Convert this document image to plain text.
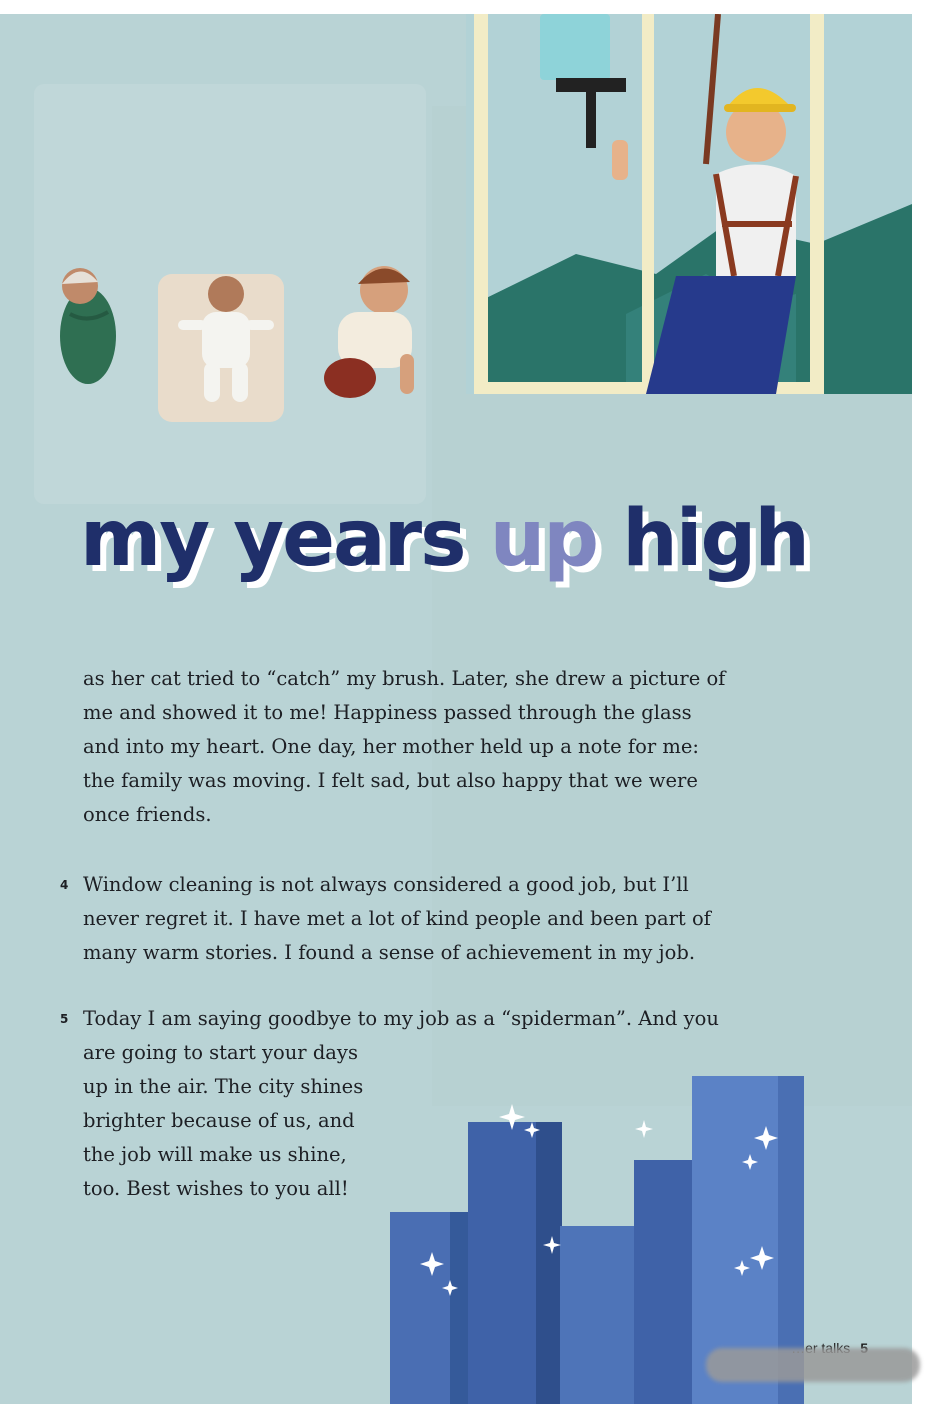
my years up high

as her cat tried to “catch” my brush. Later, she drew a picture of me and showed it to me! Happiness passed through the glass and into my heart. One day, her mother held up a note for me: the family was moving. I felt sad, but also happy that we were once friends.

4 Window cleaning is not always considered a good job, but I’ll never regret it. I have met a lot of kind people and been part of many warm stories. I found a sense of achievement in my job.
5 Today I am saying goodbye to my job as a “spiderman”. And you
are going to start your days up in the air. The city shines brighter because of us, and the job will make us shine, too. Best wishes to you all!
